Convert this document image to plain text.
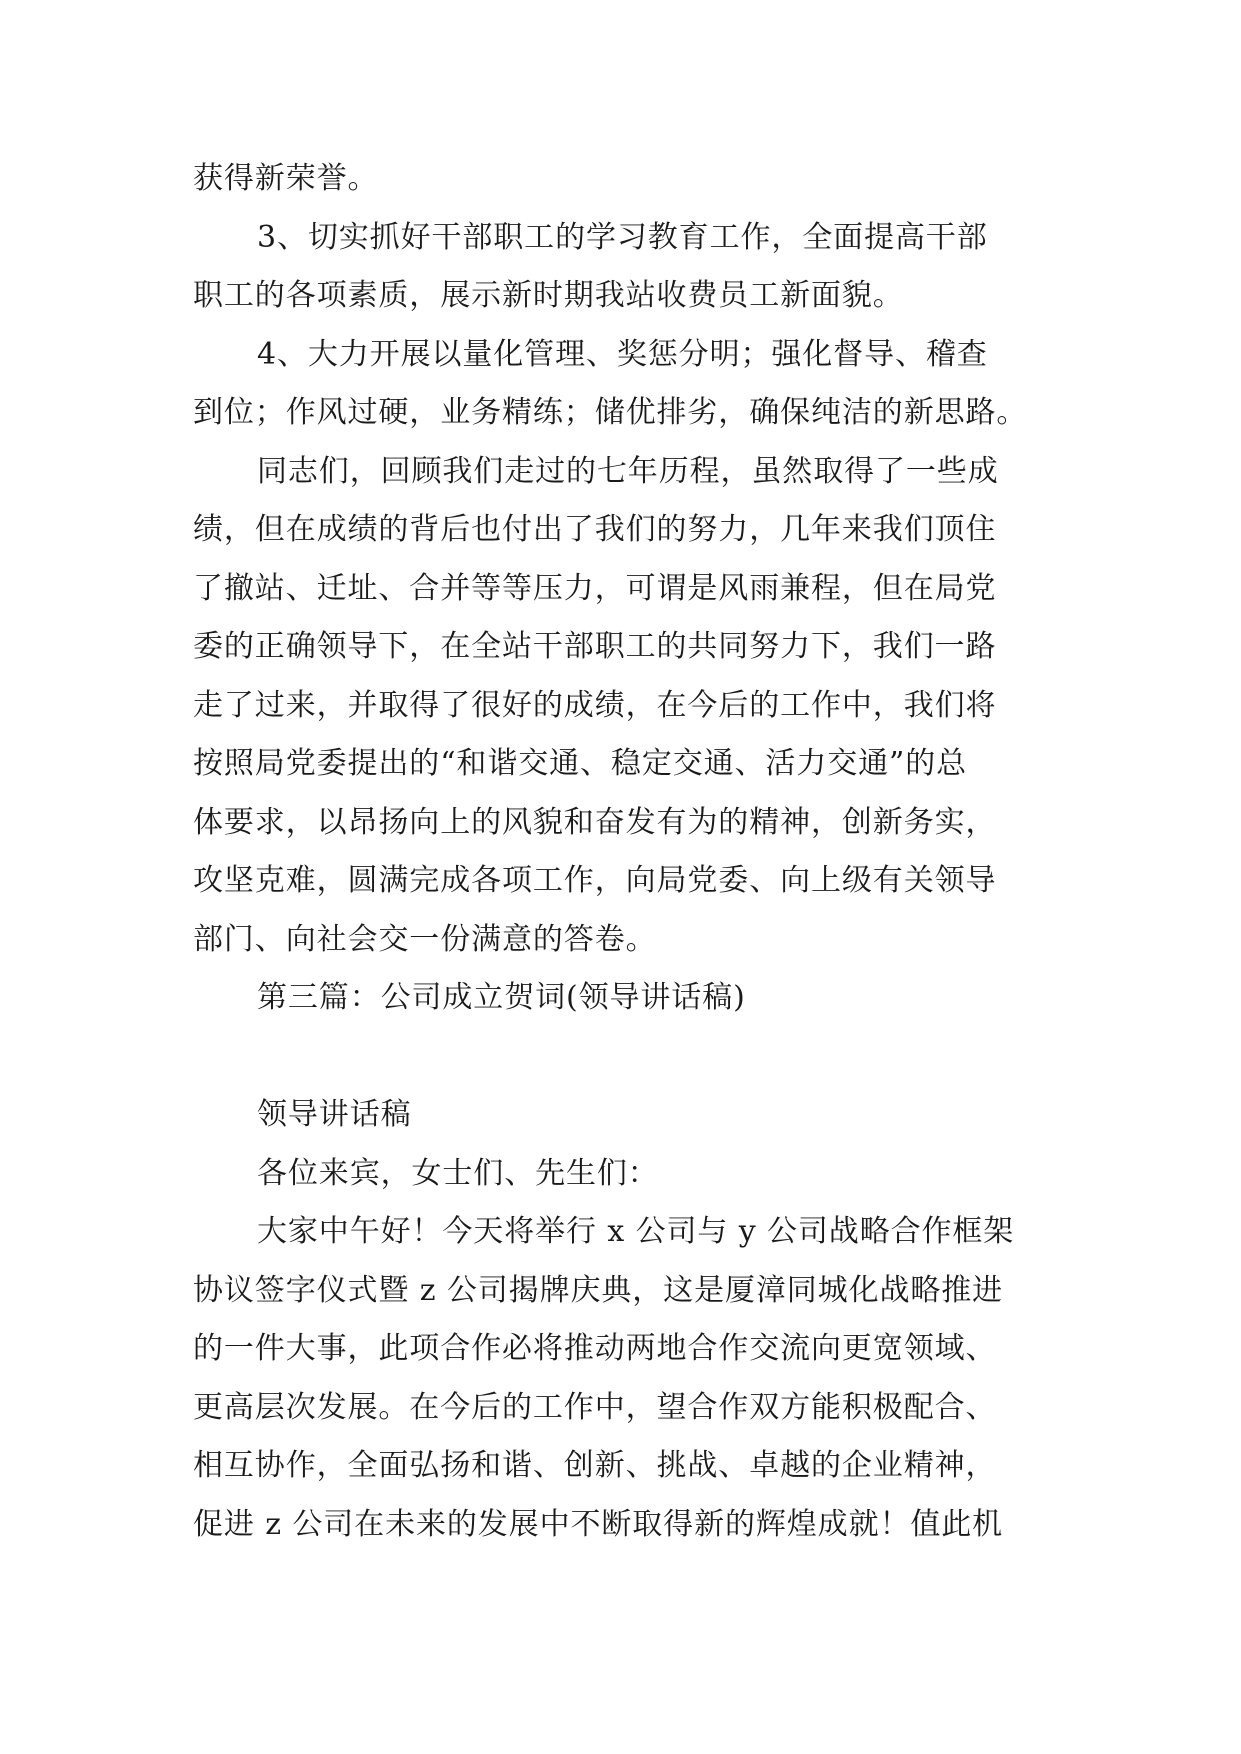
获得新荣誉。
3、切实抓好干部职工的学习教育工作，全面提高干部
职工的各项素质，展示新时期我站收费员工新面貌。
4、大力开展以量化管理、奖惩分明；强化督导、稽查
到位；作风过硬，业务精练；储优排劣，确保纯洁的新思路。
同志们，回顾我们走过的七年历程，虽然取得了一些成
绩，但在成绩的背后也付出了我们的努力，几年来我们顶住
了撤站、迁址、合并等等压力，可谓是风雨兼程，但在局党
委的正确领导下，在全站干部职工的共同努力下，我们一路
走了过来，并取得了很好的成绩，在今后的工作中，我们将
按照局党委提出的“和谐交通、稳定交通、活力交通”的总
体要求，以昂扬向上的风貌和奋发有为的精神，创新务实，
攻坚克难，圆满完成各项工作，向局党委、向上级有关领导
部门、向社会交一份满意的答卷。
第三篇：公司成立贺词(领导讲话稿)
领导讲话稿
各位来宾，女士们、先生们：
大家中午好！今天将举行 x 公司与 y 公司战略合作框架
协议签字仪式暨 z 公司揭牌庆典，这是厦漳同城化战略推进
的一件大事，此项合作必将推动两地合作交流向更宽领域、
更高层次发展。在今后的工作中，望合作双方能积极配合、
相互协作，全面弘扬和谐、创新、挑战、卓越的企业精神，
促进 z 公司在未来的发展中不断取得新的辉煌成就！值此机
